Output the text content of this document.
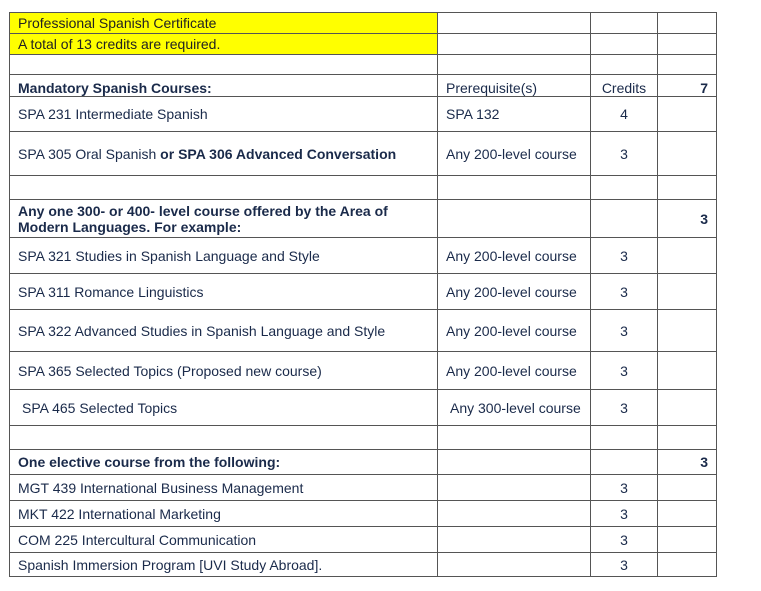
Professional Spanish Certificate			
A total of 13 credits are required.			

Mandatory Spanish Courses:	Prerequisite(s)	Credits	7
SPA 231 Intermediate Spanish	SPA 132	4	
SPA 305 Oral Spanish or SPA 306 Advanced Conversation	Any 200-level course	3	

Any one 300- or 400- level course offered by the Area of Modern Languages. For example:			3
SPA 321 Studies in Spanish Language and Style	Any 200-level course	3	
SPA 311 Romance Linguistics	Any 200-level course	3	
SPA 322 Advanced Studies in Spanish Language and Style	Any 200-level course	3	
SPA 365 Selected Topics (Proposed new course)	Any 200-level course	3	
SPA 465 Selected Topics	Any 300-level course	3	

One elective course from the following:			3
MGT 439 International Business Management		3	
MKT 422 International Marketing		3	
COM 225 Intercultural Communication		3	
Spanish Immersion Program [UVI Study Abroad].		3	
